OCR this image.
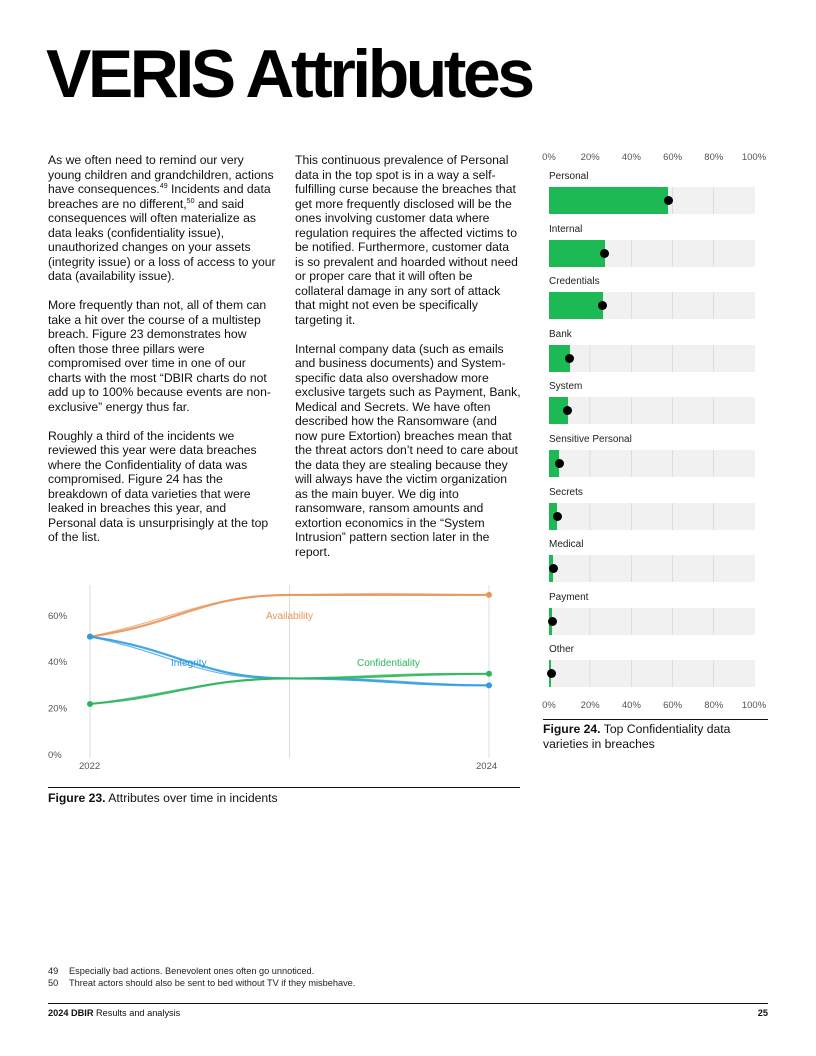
VERIS Attributes

As we often need to remind our very young children and grandchildren, actions have consequences.$^{49}$ Incidents and data breaches are no different,$^{50}$ and said consequences will often materialize as data leaks (confidentiality issue), unauthorized changes on your assets (integrity issue) or a loss of access to your data (availability issue).

More frequently than not, all of them can take a hit over the course of a multistep breach. Figure 23 demonstrates how often those three pillars were compromised over time in one of our charts with the most “DBIR charts do not add up to 100% because events are non-exclusive” energy thus far.

Roughly a third of the incidents we reviewed this year were data breaches where the Confidentiality of data was compromised. Figure 24 has the breakdown of data varieties that were leaked in breaches this year, and Personal data is unsurprisingly at the top of the list.

This continuous prevalence of Personal data in the top spot is in a way a self-fulfilling curse because the breaches that get more frequently disclosed will be the ones involving customer data where regulation requires the affected victims to be notified. Furthermore, customer data is so prevalent and hoarded without need or proper care that it will often be collateral damage in any sort of attack that might not even be specifically targeting it.

Internal company data (such as emails and business documents) and System-specific data also overshadow more exclusive targets such as Payment, Bank, Medical and Secrets. We have often described how the Ransomware (and now pure Extortion) breaches mean that the threat actors don’t need to care about the data they are stealing because they will always have the victim organization as the main buyer. We dig into ransomware, ransom amounts and extortion economics in the “System Intrusion” pattern section later in the report.

0%
20%
40%
60%
2022	2024
Availability
Integrity	Confidentiality
Figure 23. Attributes over time in incidents
0%	20% 40% 60% 80% 100%
Personal
Internal
Credentials
Bank
System
Sensitive Personal
Secrets
Medical
Payment
Other
0%	20% 40% 60% 80% 100%
Figure 24. Top Confidentiality data varieties in breaches
49	Especially bad actions. Benevolent ones often go unnoticed.
50	Threat actors should also be sent to bed without TV if they misbehave.
2024 DBIR Results and analysis	25
